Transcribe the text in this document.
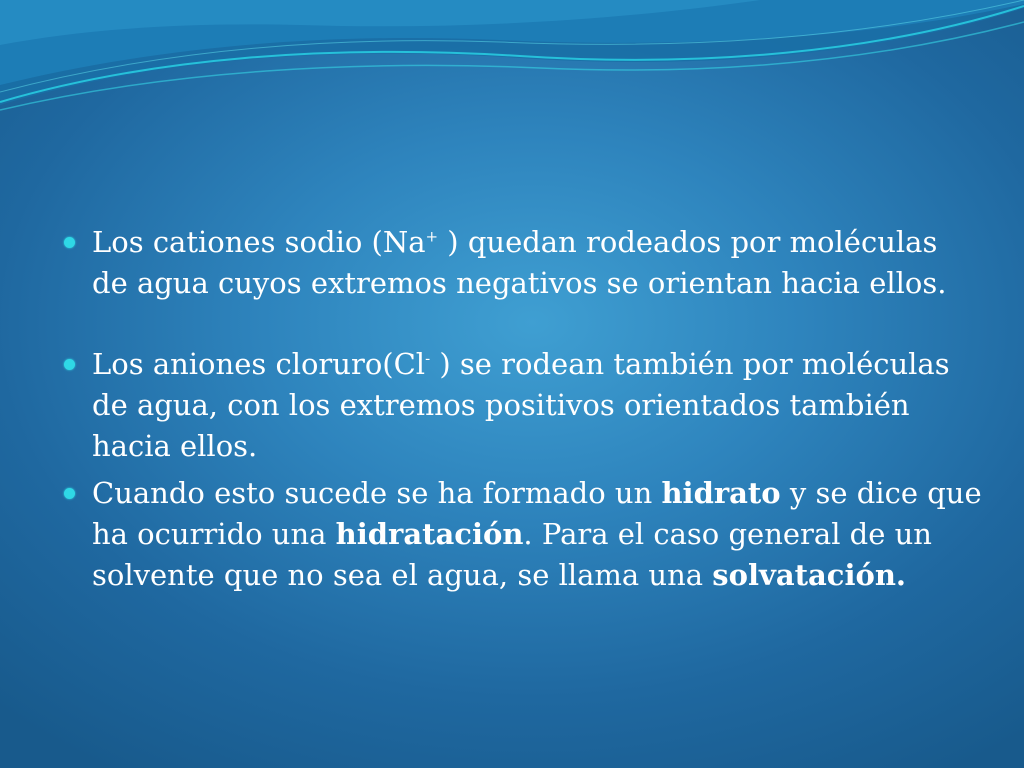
Los cationes sodio (Na+ ) quedan rodeados por moléculas de agua cuyos extremos negativos se orientan hacia ellos.
Los aniones cloruro(Cl- ) se rodean también por moléculas de agua, con los extremos positivos orientados también hacia ellos.
Cuando esto sucede se ha formado un hidrato y se dice que ha ocurrido una hidratación. Para el caso general de un solvente que no sea el agua, se llama una solvatación.
